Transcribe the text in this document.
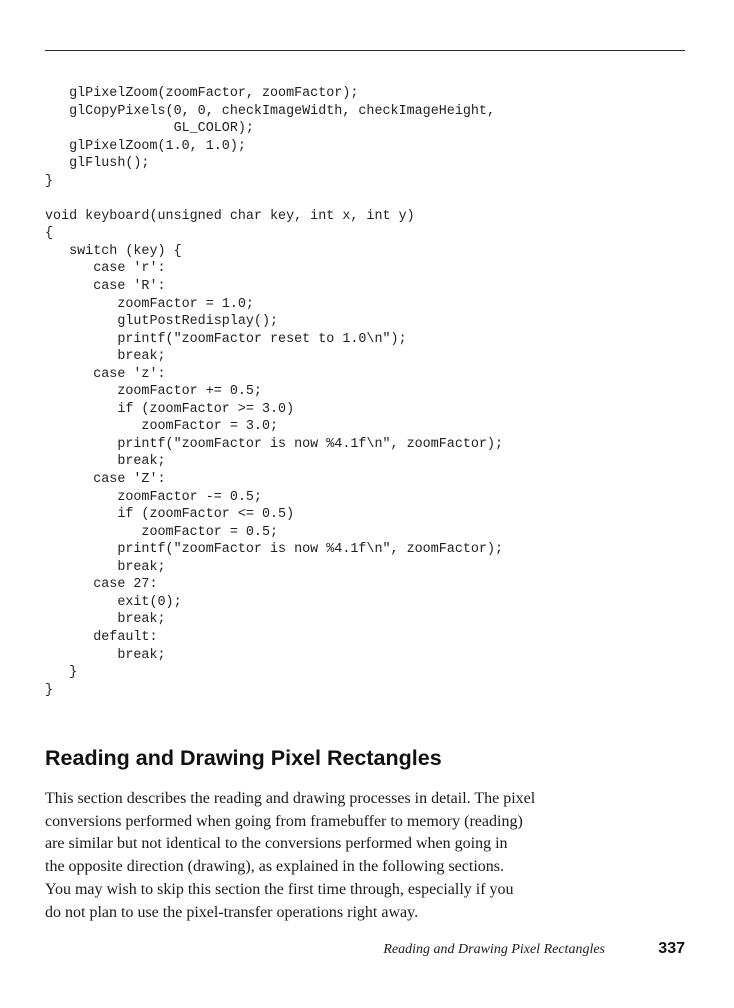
glPixelZoom(zoomFactor, zoomFactor);
glCopyPixels(0, 0, checkImageWidth, checkImageHeight,
GL_COLOR);
glPixelZoom(1.0, 1.0);
glFlush();
}
void keyboard(unsigned char key, int x, int y)
{
switch (key) {
case 'r':
case 'R':
zoomFactor = 1.0;
glutPostRedisplay();
printf("zoomFactor reset to 1.0\n");
break;
case 'z':
zoomFactor += 0.5;
if (zoomFactor >= 3.0)
zoomFactor = 3.0;
printf("zoomFactor is now %4.1f\n", zoomFactor);
break;
case 'Z':
zoomFactor -= 0.5;
if (zoomFactor <= 0.5)
zoomFactor = 0.5;
printf("zoomFactor is now %4.1f\n", zoomFactor);
break;
case 27:
exit(0);
break;
default:
break;
}
}
Reading and Drawing Pixel Rectangles
This section describes the reading and drawing processes in detail. The pixel
conversions performed when going from framebuffer to memory (reading)
are similar but not identical to the conversions performed when going in
the opposite direction (drawing), as explained in the following sections.
You may wish to skip this section the first time through, especially if you
do not plan to use the pixel-transfer operations right away.
Reading and Drawing Pixel Rectangles	337
